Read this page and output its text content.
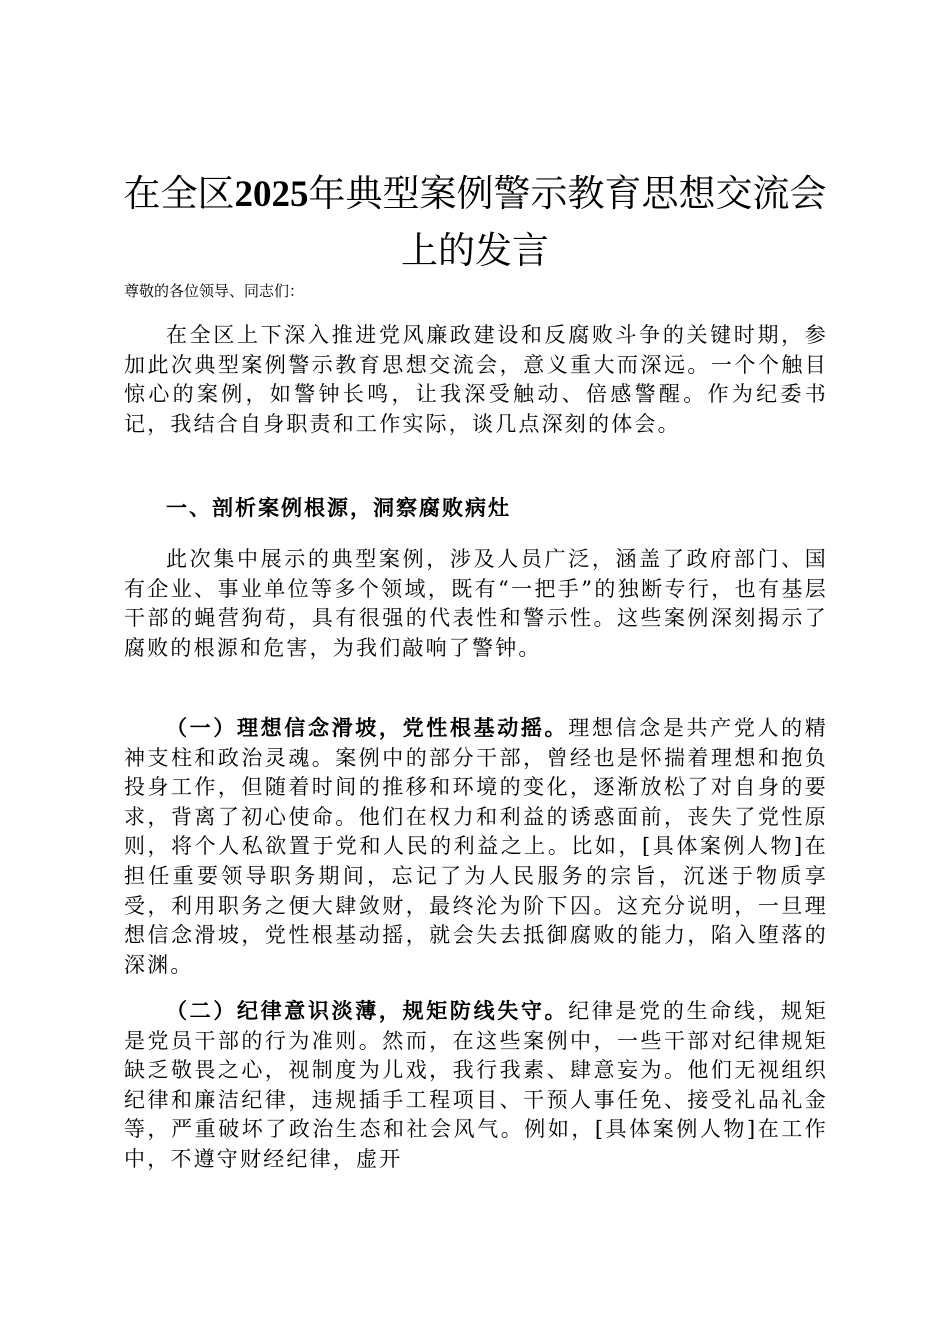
在全区2025年典型案例警示教育思想交流会上的发言

尊敬的各位领导、同志们：

在全区上下深入推进党风廉政建设和反腐败斗争的关键时期，参加此次典型案例警示教育思想交流会，意义重大而深远。一个个触目惊心的案例，如警钟长鸣，让我深受触动、倍感警醒。作为纪委书记，我结合自身职责和工作实际，谈几点深刻的体会。

一、剖析案例根源，洞察腐败病灶

此次集中展示的典型案例，涉及人员广泛，涵盖了政府部门、国有企业、事业单位等多个领域，既有“一把手”的独断专行，也有基层干部的蝇营狗苟，具有很强的代表性和警示性。这些案例深刻揭示了腐败的根源和危害，为我们敲响了警钟。

（一）理想信念滑坡，党性根基动摇。理想信念是共产党人的精神支柱和政治灵魂。案例中的部分干部，曾经也是怀揣着理想和抱负投身工作，但随着时间的推移和环境的变化，逐渐放松了对自身的要求，背离了初心使命。他们在权力和利益的诱惑面前，丧失了党性原则，将个人私欲置于党和人民的利益之上。比如，[具体案例人物]在担任重要领导职务期间，忘记了为人民服务的宗旨，沉迷于物质享受，利用职务之便大肆敛财，最终沦为阶下囚。这充分说明，一旦理想信念滑坡，党性根基动摇，就会失去抵御腐败的能力，陷入堕落的深渊。

（二）纪律意识淡薄，规矩防线失守。纪律是党的生命线，规矩是党员干部的行为准则。然而，在这些案例中，一些干部对纪律规矩缺乏敬畏之心，视制度为儿戏，我行我素、肆意妄为。他们无视组织纪律和廉洁纪律，违规插手工程项目、干预人事任免、接受礼品礼金等，严重破坏了政治生态和社会风气。例如，[具体案例人物]在工作中，不遵守财经纪律，虚开
